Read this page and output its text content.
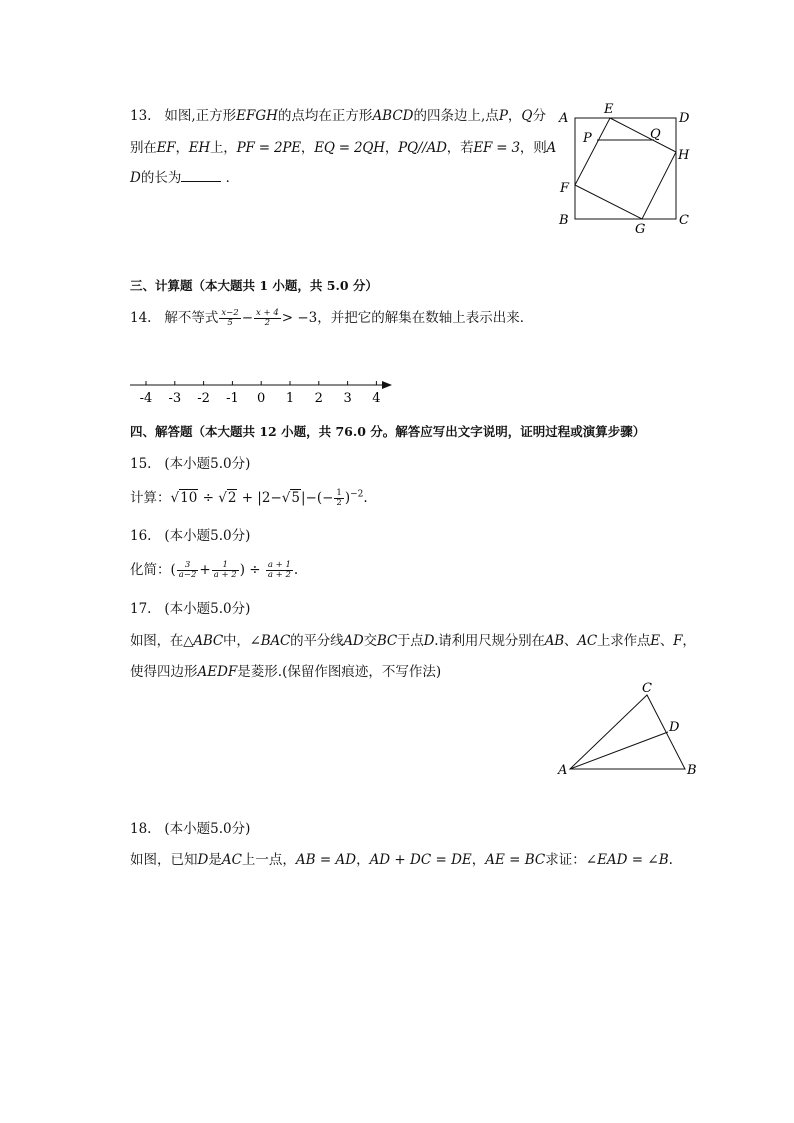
13. 如图,正方形EFGH的点均在正方形ABCD的四条边上,点P，Q分
别在EF，EH上，PF = 2PE，EQ = 2QH，PQ//AD，若EF = 3，则A
D的长为	．
A
E
D
P	Q
H
F
B
G
C
三、计算题（本大题共 1 小题，共 5.0 分）
14. 解不等式 $\frac{x-2}{5} - \frac{x + 4}{2} > -3$，并把它的解集在数轴上表示出来．
-4 -3 -2 -1 0 1 2 3 4
四、解答题（本大题共 12 小题，共 76.0 分。解答应写出文字说明，证明过程或演算步骤）
15. (本小题5.0分)
计算：$√10 \div √2 + |2-√5|-(- \frac{1}{2} )^{-2}$.
16. (本小题5.0分)
化简：( $\frac{3}{a-2} + \frac{1}{a + 2}$ ) ÷ $\frac{a + 1}{a + 2}$ .
17. (本小题5.0分)
如图，在△ABC中，∠BAC的平分线AD交BC于点D.请利用尺规分别在AB、AC上求作点E、F，
使得四边形AEDF是菱形.(保留作图痕迹，不写作法)
A	B
C
D
18. (本小题5.0分)
如图，已知D是AC上一点，AB = AD，AD + DC = DE，AE = BC求证：∠EAD = ∠B.
